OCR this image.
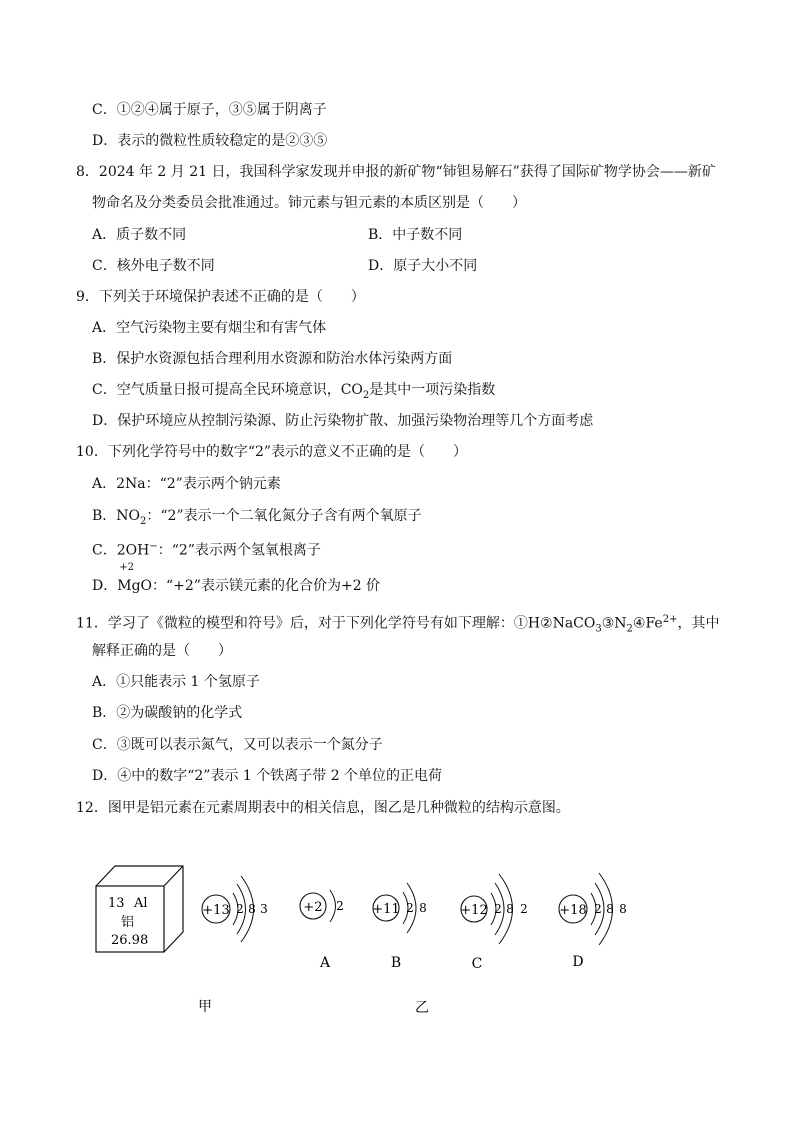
C．①②④属于原子，③⑤属于阴离子
D．表示的微粒性质较稳定的是②③⑤
8．2024 年 2 月 21 日，我国科学家发现并申报的新矿物“铈钽易解石”获得了国际矿物学协会——新矿
物命名及分类委员会批准通过。铈元素与钽元素的本质区别是（　　）
A．质子数不同	B．中子数不同
C．核外电子数不同	D．原子大小不同
9．下列关于环境保护表述不正确的是（　　）
A．空气污染物主要有烟尘和有害气体
B．保护水资源包括合理利用水资源和防治水体污染两方面
C．空气质量日报可提高全民环境意识，$CO_2$是其中一项污染指数
D．保护环境应从控制污染源、防止污染物扩散、加强污染物治理等几个方面考虑
10．下列化学符号中的数字“2”表示的意义不正确的是（　　）
A．2Na：“2”表示两个钠元素
B．$NO_2$：“2”表示一个二氧化氮分子含有两个氧原子
C．2OH−：“2”表示两个氢氧根离子
D．
+2
MgO：“+2”表示镁元素的化合价为+2 价
11．学习了《微粒的模型和符号》后，对于下列化学符号有如下理解：$①H②NaCO_3③N_2④Fe^{2+}$，其中
解释正确的是（　　）
A．①只能表示 1 个氢原子
B．②为碳酸钠的化学式
C．③既可以表示氮气，又可以表示一个氮分子
D．④中的数字“2”表示 1 个铁离子带 2 个单位的正电荷
12．图甲是铝元素在元素周期表中的相关信息，图乙是几种微粒的结构示意图。
13 Al
铝
26.98
+13 2 8 3	+2 2 +11 2 8	+12 2 8 2 +18 2 8 8
A	B	C	D
甲	乙
